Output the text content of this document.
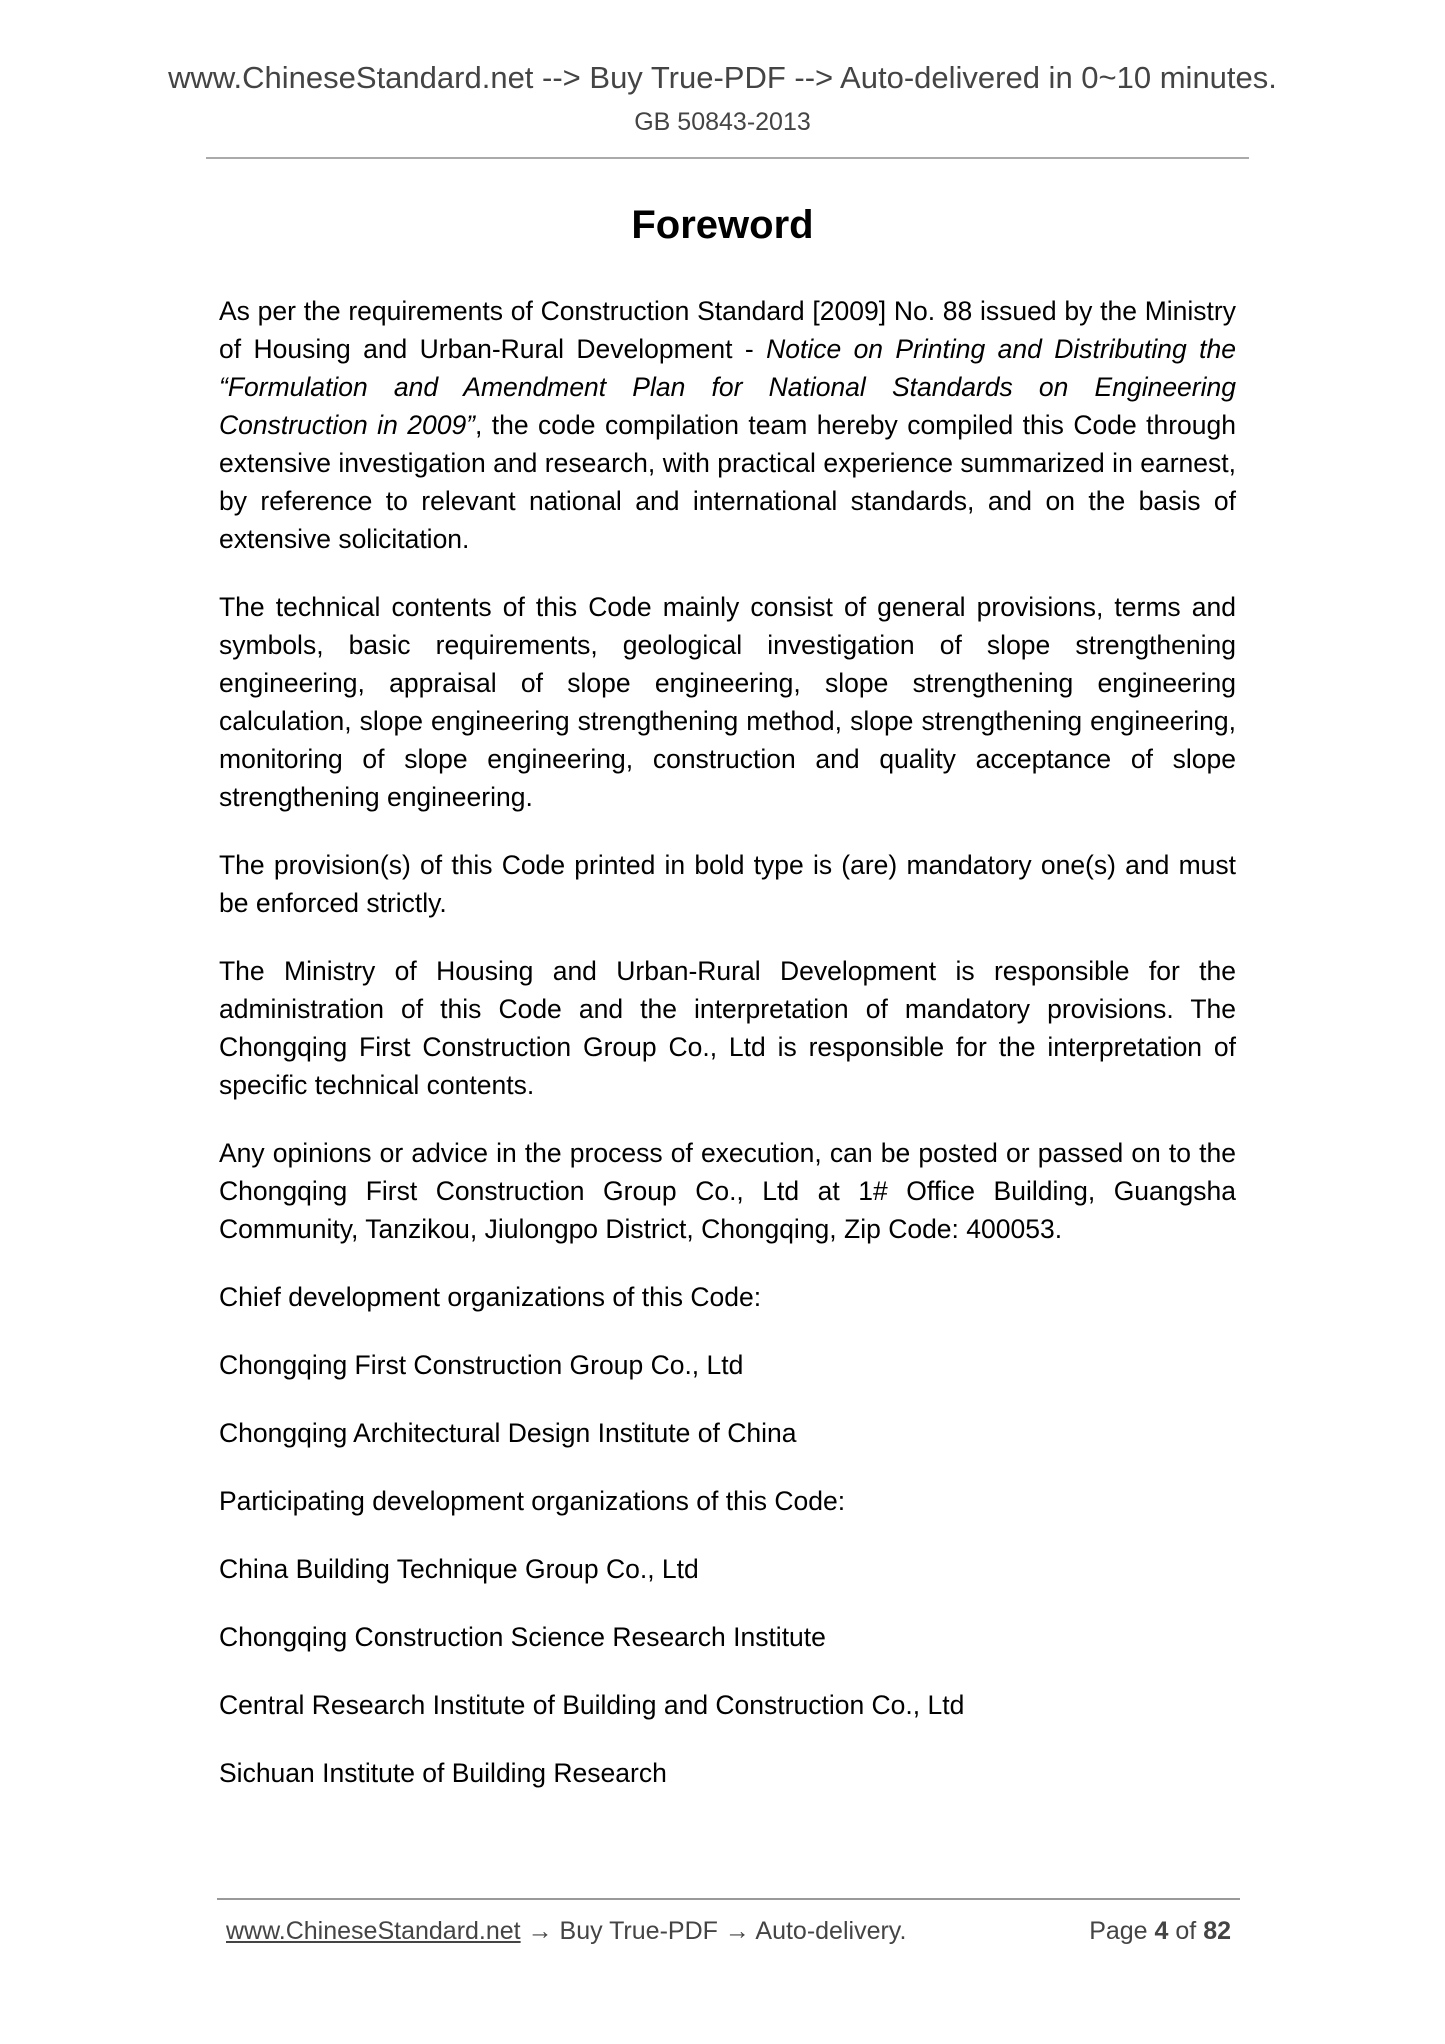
www.ChineseStandard.net --> Buy True-PDF --> Auto-delivered in 0~10 minutes.
GB 50843-2013
Foreword

As per the requirements of Construction Standard [2009] No. 88 issued by the Ministry of Housing and Urban-Rural Development - Notice on Printing and Distributing the “Formulation and Amendment Plan for National Standards on Engineering Construction in 2009”, the code compilation team hereby compiled this Code through extensive investigation and research, with practical experience summarized in earnest, by reference to relevant national and international standards, and on the basis of extensive solicitation.

The technical contents of this Code mainly consist of general provisions, terms and symbols, basic requirements, geological investigation of slope strengthening engineering, appraisal of slope engineering, slope strengthening engineering calculation, slope engineering strengthening method, slope strengthening engineering, monitoring of slope engineering, construction and quality acceptance of slope strengthening engineering.

The provision(s) of this Code printed in bold type is (are) mandatory one(s) and must be enforced strictly.

The Ministry of Housing and Urban-Rural Development is responsible for the administration of this Code and the interpretation of mandatory provisions. The Chongqing First Construction Group Co., Ltd is responsible for the interpretation of specific technical contents.

Any opinions or advice in the process of execution, can be posted or passed on to the Chongqing First Construction Group Co., Ltd at 1# Office Building, Guangsha Community, Tanzikou, Jiulongpo District, Chongqing, Zip Code: 400053.

Chief development organizations of this Code:

Chongqing First Construction Group Co., Ltd

Chongqing Architectural Design Institute of China

Participating development organizations of this Code:

China Building Technique Group Co., Ltd

Chongqing Construction Science Research Institute

Central Research Institute of Building and Construction Co., Ltd

Sichuan Institute of Building Research

www.ChineseStandard.net → Buy True-PDF → Auto-delivery.	Page 4 of 82
